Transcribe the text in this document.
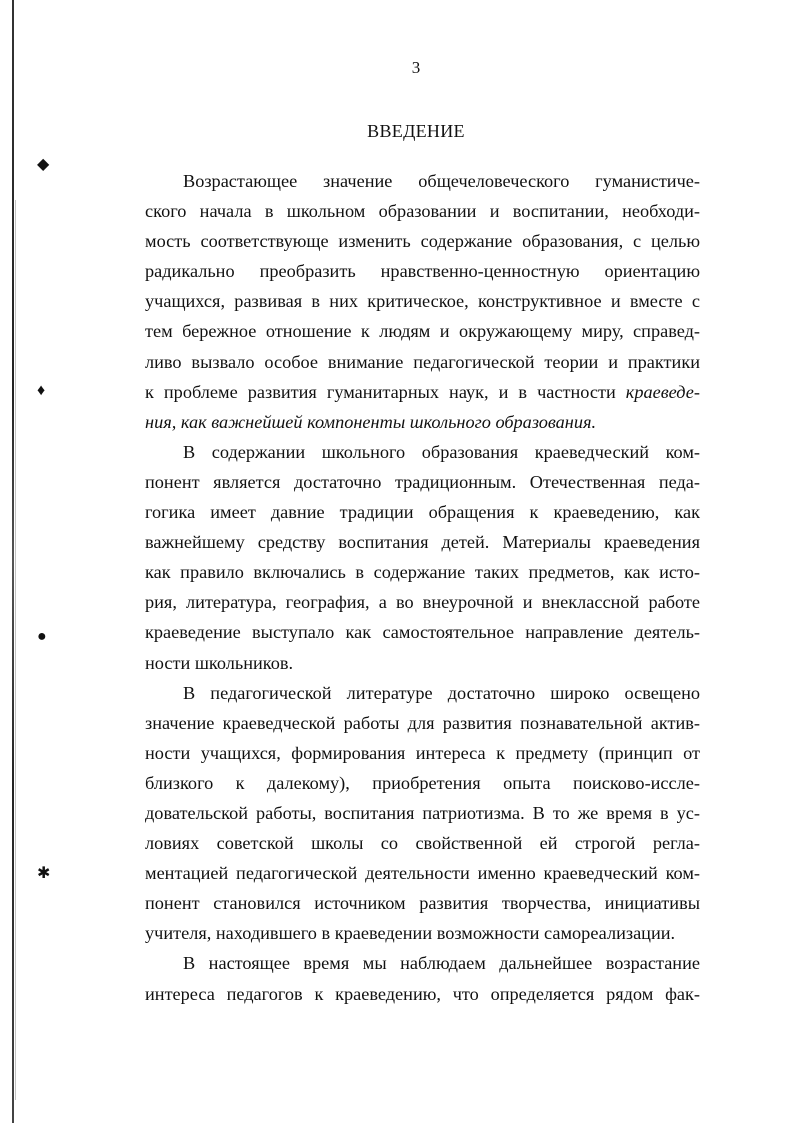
◆
♦
●
✱
3
ВВЕДЕНИЕ
Возрастающее значение общечеловеческого гуманистиче-
ского начала в школьном образовании и воспитании, необходи-
мость соответствующе изменить содержание образования, с целью
радикально преобразить нравственно-ценностную ориентацию
учащихся, развивая в них критическое, конструктивное и вместе с
тем бережное отношение к людям и окружающему миру, справед-
ливо вызвало особое внимание педагогической теории и практики
к проблеме развития гуманитарных наук, и в частности краеведе-
ния, как важнейшей компоненты школьного образования.
В содержании школьного образования краеведческий ком-
понент является достаточно традиционным. Отечественная педа-
гогика имеет давние традиции обращения к краеведению, как
важнейшему средству воспитания детей. Материалы краеведения
как правило включались в содержание таких предметов, как исто-
рия, литература, география, а во внеурочной и внеклассной работе
краеведение выступало как самостоятельное направление деятель-
ности школьников.
В педагогической литературе достаточно широко освещено
значение краеведческой работы для развития познавательной актив-
ности учащихся, формирования интереса к предмету (принцип от
близкого к далекому), приобретения опыта поисково-иссле-
довательской работы, воспитания патриотизма. В то же время в ус-
ловиях советской школы со свойственной ей строгой регла-
ментацией педагогической деятельности именно краеведческий ком-
понент становился источником развития творчества, инициативы
учителя, находившего в краеведении возможности самореализации.
В настоящее время мы наблюдаем дальнейшее возрастание
интереса педагогов к краеведению, что определяется рядом фак-
